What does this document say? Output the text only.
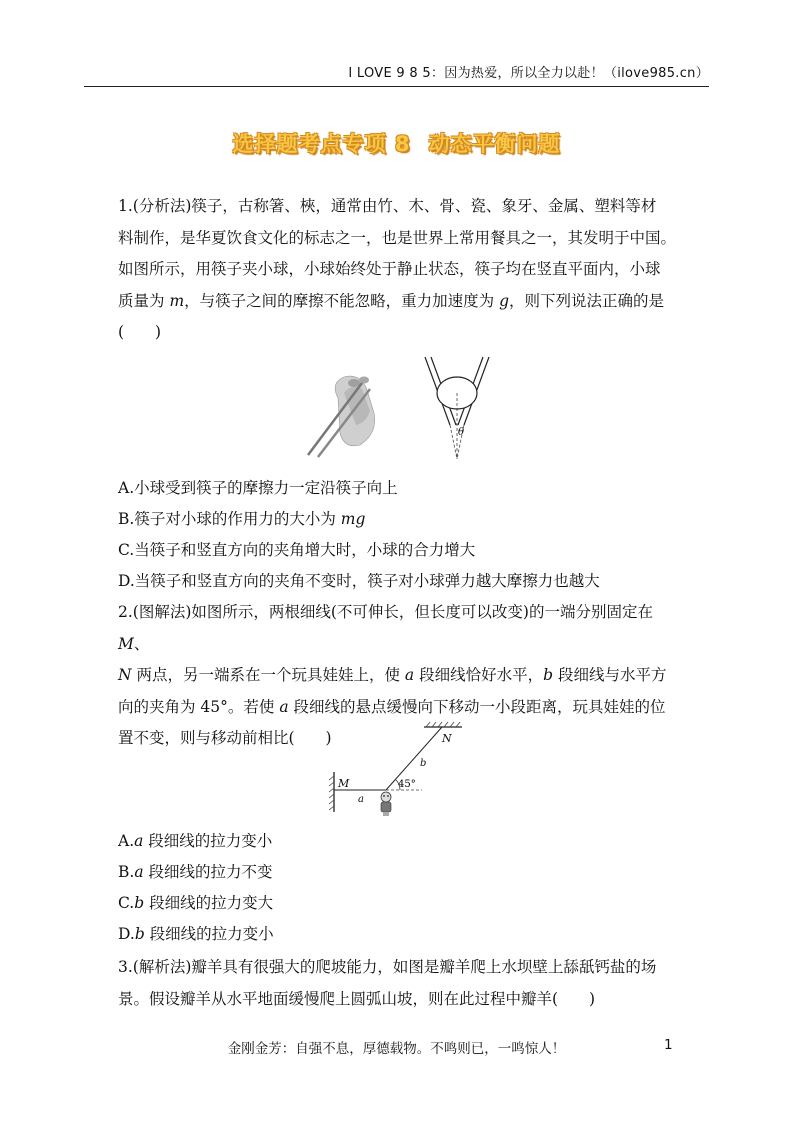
I LOVE 9 8 5：因为热爱，所以全力以赴！（ilove985.cn）
选择题考点专项 8 动态平衡问题
1.(分析法)筷子，古称箸、梜，通常由竹、木、骨、瓷、象牙、金属、塑料等材
料制作，是华夏饮食文化的标志之一，也是世界上常用餐具之一，其发明于中国。
如图所示，用筷子夹小球，小球始终处于静止状态，筷子均在竖直平面内，小球
质量为 m，与筷子之间的摩擦不能忽略，重力加速度为 g，则下列说法正确的是
(　　)
θ
A.小球受到筷子的摩擦力一定沿筷子向上
B.筷子对小球的作用力的大小为 mg
C.当筷子和竖直方向的夹角增大时，小球的合力增大
D.当筷子和竖直方向的夹角不变时，筷子对小球弹力越大摩擦力也越大
2.(图解法)如图所示，两根细线(不可伸长，但长度可以改变)的一端分别固定在 M、
N 两点，另一端系在一个玩具娃娃上，使 a 段细线恰好水平，b 段细线与水平方
向的夹角为 45°。若使 a 段细线的悬点缓慢向下移动一小段距离，玩具娃娃的位
置不变，则与移动前相比(　　)	N
M
a
b
45°
A.a 段细线的拉力变小
B.a 段细线的拉力不变
C.b 段细线的拉力变大
D.b 段细线的拉力变小
3.(解析法)瓣羊具有很强大的爬坡能力，如图是瓣羊爬上水坝壁上舔舐钙盐的场
景。假设瓣羊从水平地面缓慢爬上圆弧山坡，则在此过程中瓣羊(　　)
金刚金芳：自强不息，厚德载物。不鸣则已，一鸣惊人！	1
